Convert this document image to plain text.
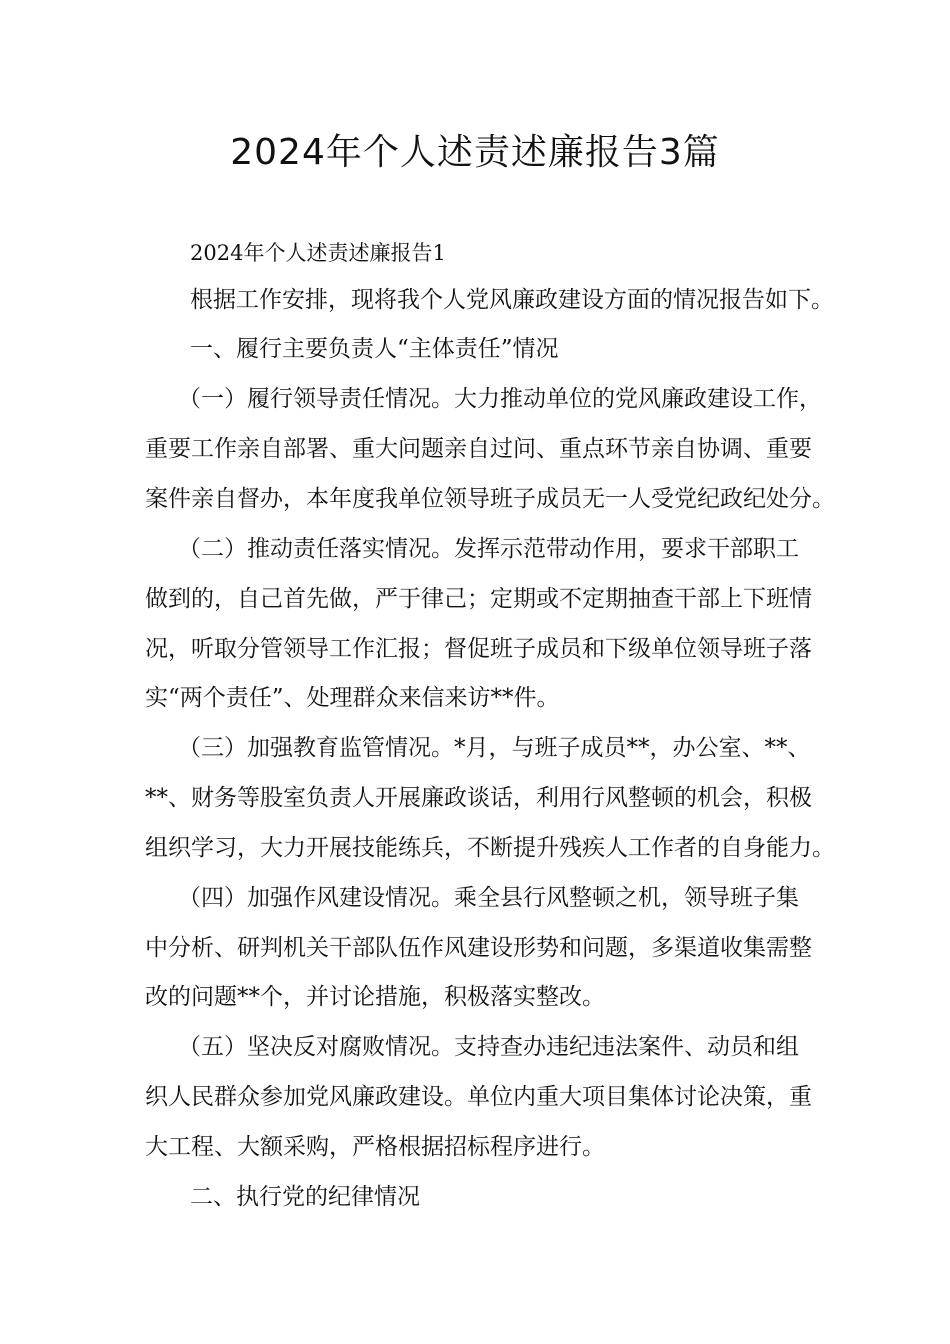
2024年个人述责述廉报告3篇
2024年个人述责述廉报告1
根据工作安排，现将我个人党风廉政建设方面的情况报告如下。
一、履行主要负责人“主体责任”情况
（一）履行领导责任情况。大力推动单位的党风廉政建设工作，
重要工作亲自部署、重大问题亲自过问、重点环节亲自协调、重要
案件亲自督办，本年度我单位领导班子成员无一人受党纪政纪处分。
（二）推动责任落实情况。发挥示范带动作用，要求干部职工
做到的，自己首先做，严于律己；定期或不定期抽查干部上下班情
况，听取分管领导工作汇报；督促班子成员和下级单位领导班子落
实“两个责任”、处理群众来信来访**件。
（三）加强教育监管情况。*月，与班子成员**，办公室、**、
**、财务等股室负责人开展廉政谈话，利用行风整顿的机会，积极
组织学习，大力开展技能练兵，不断提升残疾人工作者的自身能力。
（四）加强作风建设情况。乘全县行风整顿之机，领导班子集
中分析、研判机关干部队伍作风建设形势和问题，多渠道收集需整
改的问题**个，并讨论措施，积极落实整改。
（五）坚决反对腐败情况。支持查办违纪违法案件、动员和组
织人民群众参加党风廉政建设。单位内重大项目集体讨论决策，重
大工程、大额采购，严格根据招标程序进行。
二、执行党的纪律情况
